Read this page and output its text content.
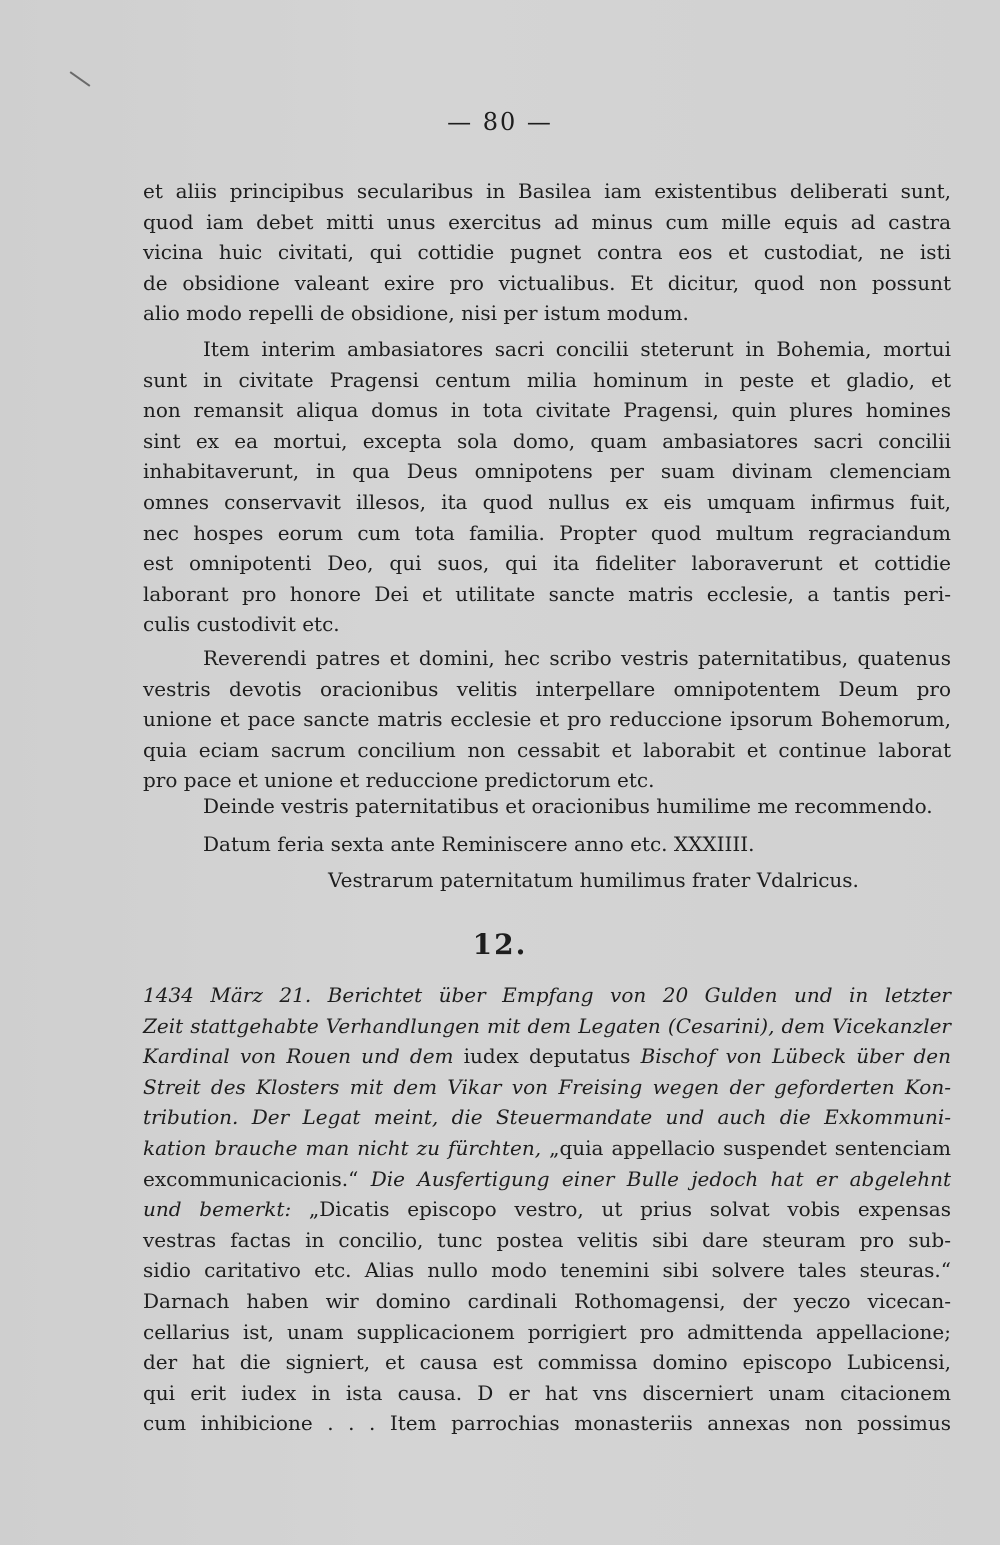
— 80 —
et aliis principibus secularibus in Basilea iam existentibus deliberati sunt,
quod iam debet mitti unus exercitus ad minus cum mille equis ad castra
vicina huic civitati, qui cottidie pugnet contra eos et custodiat, ne isti
de obsidione valeant exire pro victualibus. Et dicitur, quod non possunt
alio modo repelli de obsidione, nisi per istum modum.
Item interim ambasiatores sacri concilii steterunt in Bohemia, mortui
sunt in civitate Pragensi centum milia hominum in peste et gladio, et
non remansit aliqua domus in tota civitate Pragensi, quin plures homines
sint ex ea mortui, excepta sola domo, quam ambasiatores sacri concilii
inhabitaverunt, in qua Deus omnipotens per suam divinam clemenciam
omnes conservavit illesos, ita quod nullus ex eis umquam infirmus fuit,
nec hospes eorum cum tota familia. Propter quod multum regraciandum
est omnipotenti Deo, qui suos, qui ita fideliter laboraverunt et cottidie
laborant pro honore Dei et utilitate sancte matris ecclesie, a tantis peri-
culis custodivit etc.
Reverendi patres et domini, hec scribo vestris paternitatibus, quatenus
vestris devotis oracionibus velitis interpellare omnipotentem Deum pro
unione et pace sancte matris ecclesie et pro reduccione ipsorum Bohemorum,
quia eciam sacrum concilium non cessabit et laborabit et continue laborat
pro pace et unione et reduccione predictorum etc.
Deinde vestris paternitatibus et oracionibus humilime me recommendo.
Datum feria sexta ante Reminiscere anno etc. XXXIIII.
Vestrarum paternitatum humilimus frater Vdalricus.
12.
1434 März 21. Berichtet über Empfang von 20 Gulden und in letzter
Zeit stattgehabte Verhandlungen mit dem Legaten (Cesarini), dem Vicekanzler
Kardinal von Rouen und dem iudex deputatus Bischof von Lübeck über den
Streit des Klosters mit dem Vikar von Freising wegen der geforderten Kon-
tribution. Der Legat meint, die Steuermandate und auch die Exkommuni-
kation brauche man nicht zu fürchten, „quia appellacio suspendet sentenciam
excommunicacionis.“ Die Ausfertigung einer Bulle jedoch hat er abgelehnt
und bemerkt: „Dicatis episcopo vestro, ut prius solvat vobis expensas
vestras factas in concilio, tunc postea velitis sibi dare steuram pro sub-
sidio caritativo etc. Alias nullo modo tenemini sibi solvere tales steuras.“
Darnach haben wir domino cardinali Rothomagensi, der yeczo vicecan-
cellarius ist, unam supplicacionem porrigiert pro admittenda appellacione;
der hat die signiert, et causa est commissa domino episcopo Lubicensi,
qui erit iudex in ista causa. D er hat vns discerniert unam citacionem
cum inhibicione . . . Item parrochias monasteriis annexas non possimus
